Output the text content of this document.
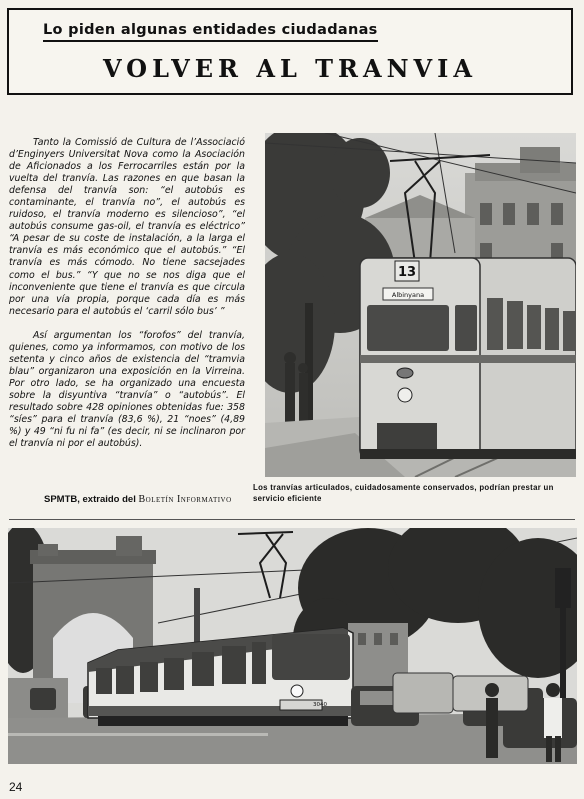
Lo piden algunas entidades ciudadanas
VOLVER AL TRANVIA

Tanto la Comissió de Cultura de l’Associació d’Enginyers Universitat Nova como la Asociación de Aficionados a los Ferrocarriles están por la vuelta del tranvía. Las razones en que basan la defensa del tranvía son: “el autobús es contaminante, el tranvía no”, el autobús es ruidoso, el tranvía moderno es silencioso”, “el autobús consume gas-oil, el tranvía es eléctrico” “A pesar de su coste de instalación, a la larga el tranvía es más económico que el autobús.” “El tranvía es más cómodo. No tiene sacsejades como el bus.” “Y que no se nos diga que el inconveniente que tiene el tranvía es que circula por una vía propia, porque cada día es más necesario para el autobús el ‘carril sólo bus’ ”

Así argumentan los “forofos” del tranvía, quienes, como ya informamos, con motivo de los setenta y cinco años de existencia del “tramvia blau” organizaron una exposición en la Virreina. Por otro lado, se ha organizado una encuesta sobre la disyuntiva “tranvía” o “autobús”. El resultado sobre 428 opiniones obtenidas fue: 358 “síes” para el tranvía (83,6 %), 21 “noes” (4,89 %) y 49 “ni fu ni fa” (es decir, ni se inclinaron por el tranvía ni por el autobús).

SPMTB, extraido del Boletín Informativo
13
Albinyana
Los tranvías articulados, cuidadosamente conservados, podrían prestar un servicio eficiente
3040
24
